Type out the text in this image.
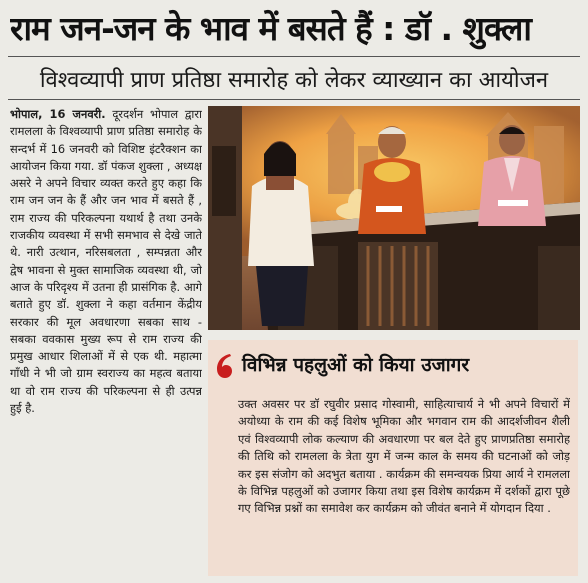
राम जन-जन के भाव में बसते हैं : डॉ . शुक्ला
विश्वव्यापी प्राण प्रतिष्ठा समारोह को लेकर व्याख्यान का आयोजन
भोपाल, 16 जनवरी. दूरदर्शन भोपाल द्वारा रामलला के विश्वव्यापी प्राण प्रतिष्ठा समारोह के सन्दर्भ में 16 जनवरी को विशिष्ट इंटरैक्शन का आयोजन किया गया. डॉ पंकज शुक्ला , अध्यक्ष असरे ने अपने विचार व्यक्त करते हुए कहा कि राम जन जन के हैं और जन भाव में बसते हैं , राम राज्य की परिकल्पना यथार्थ है तथा उनके राजकीय व्यवस्था में सभी समभाव से देखे जाते थे. नारी उत्थान, नरिसबलता , सम्पन्नता और द्वेष भावना से मुक्त सामाजिक व्यवस्था थी, जो आज के परिदृश्य में उतना ही प्रासंगिक है. आगे बताते हुए डॉ. शुक्ला ने कहा वर्तमान केंद्रीय सरकार की मूल अवधारणा सबका साथ - सबका ववकास मुख्य रूप से राम राज्य की प्रमुख आधार शिलाओं में से एक थी. महात्मा गाँधी ने भी जो ग्राम स्वराज्य का महत्व बताया था वो राम राज्य की परिकल्पना से ही उत्पन्न हुई है.
विभिन्न पहलुओं को किया उजागर
उक्त अवसर पर डॉ रघुवीर प्रसाद गोस्वामी, साहित्याचार्य ने भी अपने विचारों में अयोध्या के राम की कई विशेष भूमिका और भगवान राम की आदर्शजीवन शैली एवं विश्वव्यापी लोक कल्याण की अवधारणा पर बल देते हुए प्राणप्रतिष्ठा समारोह की तिथि को रामलला के त्रेता युग में जन्म काल के समय की घटनाओं को जोड़ कर इस संजोग को अदभुत बताया . कार्यक्रम की समन्वयक प्रिया आर्य ने रामलला के विभिन्न पहलुओं को उजागर किया तथा इस विशेष कार्यक्रम में दर्शकों द्वारा पूछे गए विभिन्न प्रश्नों का समावेश कर कार्यक्रम को जीवंत बनाने में योगदान दिया .
